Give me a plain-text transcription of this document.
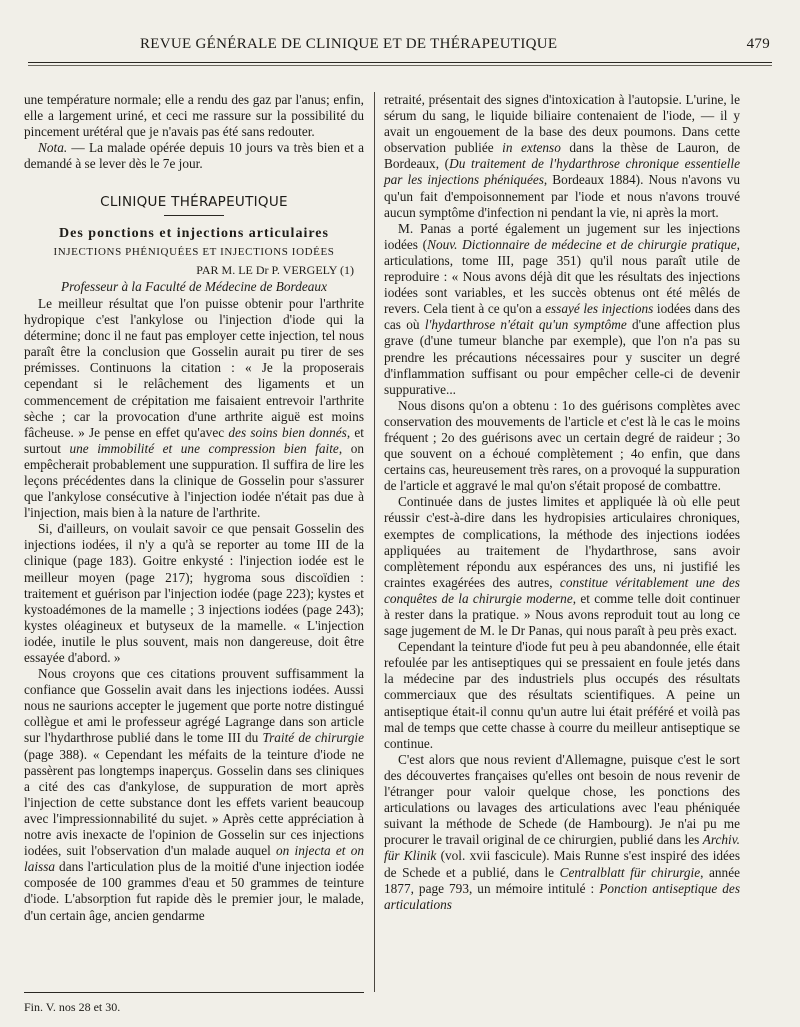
REVUE GÉNÉRALE DE CLINIQUE ET DE THÉRAPEUTIQUE	479

une température normale; elle a rendu des gaz par l'anus; enfin, elle a largement uriné, et ceci me rassure sur la possibilité du pincement urétéral que je n'avais pas été sans redouter.

Nota. — La malade opérée depuis 10 jours va très bien et a demandé à se lever dès le 7e jour.

CLINIQUE THÉRAPEUTIQUE
Des ponctions et injections articulaires
INJECTIONS PHÉNIQUÉES ET INJECTIONS IODÉES
PAR M. LE Dr P. VERGELY (1)
Professeur à la Faculté de Médecine de Bordeaux

Le meilleur résultat que l'on puisse obtenir pour l'arthrite hydropique c'est l'ankylose ou l'injection d'iode qui la détermine; donc il ne faut pas employer cette injection, tel nous paraît être la conclusion que Gosselin aurait pu tirer de ses prémisses. Continuons la citation : « Je la proposerais cependant si le relâchement des ligaments et un commencement de crépitation me faisaient entrevoir l'arthrite sèche ; car la provocation d'une arthrite aiguë est moins fâcheuse. » Je pense en effet qu'avec des soins bien donnés, et surtout une immobilité et une compression bien faite, on empêcherait probablement une suppuration. Il suffira de lire les leçons précédentes dans la clinique de Gosselin pour s'assurer que l'ankylose consécutive à l'injection iodée n'était pas due à l'injection, mais bien à la nature de l'arthrite.

Si, d'ailleurs, on voulait savoir ce que pensait Gosselin des injections iodées, il n'y a qu'à se reporter au tome III de la clinique (page 183). Goitre enkysté : l'injection iodée est le meilleur moyen (page 217); hygroma sous discoïdien : traitement et guérison par l'injection iodée (page 223); kystes et kystoadémones de la mamelle ; 3 injections iodées (page 243); kystes oléagineux et butyseux de la mamelle. « L'injection iodée, inutile le plus souvent, mais non dangereuse, doit être essayée d'abord. »

Nous croyons que ces citations prouvent suffisamment la confiance que Gosselin avait dans les injections iodées. Aussi nous ne saurions accepter le jugement que porte notre distingué collègue et ami le professeur agrégé Lagrange dans son article sur l'hydarthrose publié dans le tome III du Traité de chirurgie (page 388). « Cependant les méfaits de la teinture d'iode ne passèrent pas longtemps inaperçus. Gosselin dans ses cliniques a cité des cas d'ankylose, de suppuration de mort après l'injection de cette substance dont les effets varient beaucoup avec l'impressionnabilité du sujet. » Après cette appréciation à notre avis inexacte de l'opinion de Gosselin sur ces injections iodées, suit l'observation d'un malade auquel on injecta et on laissa dans l'articulation plus de la moitié d'une injection iodée composée de 100 grammes d'eau et 50 grammes de teinture d'iode. L'absorption fut rapide dès le premier jour, le malade, d'un certain âge, ancien gendarme

retraité, présentait des signes d'intoxication à l'autopsie. L'urine, le sérum du sang, le liquide biliaire contenaient de l'iode, — il y avait un engouement de la base des deux poumons. Dans cette observation publiée in extenso dans la thèse de Lauron, de Bordeaux, (Du traitement de l'hydarthrose chronique essentielle par les injections phéniquées, Bordeaux 1884). Nous n'avons vu qu'un fait d'empoisonnement par l'iode et nous n'avons trouvé aucun symptôme d'infection ni pendant la vie, ni après la mort.

M. Panas a porté également un jugement sur les injections iodées (Nouv. Dictionnaire de médecine et de chirurgie pratique, articulations, tome III, page 351) qu'il nous paraît utile de reproduire : « Nous avons déjà dit que les résultats des injections iodées sont variables, et les succès obtenus ont été mêlés de revers. Cela tient à ce qu'on a essayé les injections iodées dans des cas où l'hydarthrose n'était qu'un symptôme d'une affection plus grave (d'une tumeur blanche par exemple), que l'on n'a pas su prendre les précautions nécessaires pour y susciter un degré d'inflammation suffisant ou pour empêcher celle-ci de devenir suppurative...

Nous disons qu'on a obtenu : 1o des guérisons complètes avec conservation des mouvements de l'article et c'est là le cas le moins fréquent ; 2o des guérisons avec un certain degré de raideur ; 3o que souvent on a échoué complètement ; 4o enfin, que dans certains cas, heureusement très rares, on a provoqué la suppuration de l'article et aggravé le mal qu'on s'était proposé de combattre.

Continuée dans de justes limites et appliquée là où elle peut réussir c'est-à-dire dans les hydropisies articulaires chroniques, exemptes de complications, la méthode des injections iodées appliquées au traitement de l'hydarthrose, sans avoir complètement répondu aux espérances des uns, ni justifié les craintes exagérées des autres, constitue véritablement une des conquêtes de la chirurgie moderne, et comme telle doit continuer à rester dans la pratique. » Nous avons reproduit tout au long ce sage jugement de M. le Dr Panas, qui nous paraît à peu près exact.

Cependant la teinture d'iode fut peu à peu abandonnée, elle était refoulée par les antiseptiques qui se pressaient en foule jetés dans la médecine par des industriels plus occupés des résultats commerciaux que des résultats scientifiques. A peine un antiseptique était-il connu qu'un autre lui était préféré et voilà pas mal de temps que cette chasse à courre du meilleur antiseptique se continue.

C'est alors que nous revient d'Allemagne, puisque c'est le sort des découvertes françaises qu'elles ont besoin de nous revenir de l'étranger pour valoir quelque chose, les ponctions des articulations ou lavages des articulations avec l'eau phéniquée suivant la méthode de Schede (de Hambourg). Je n'ai pu me procurer le travail original de ce chirurgien, publié dans les Archiv. für Klinik (vol. xvii fascicule). Mais Runne s'est inspiré des idées de Schede et a publié, dans le Centralblatt für chirurgie, année 1877, page 793, un mémoire intitulé : Ponction antiseptique des articulations

Fin. V. nos 28 et 30.
